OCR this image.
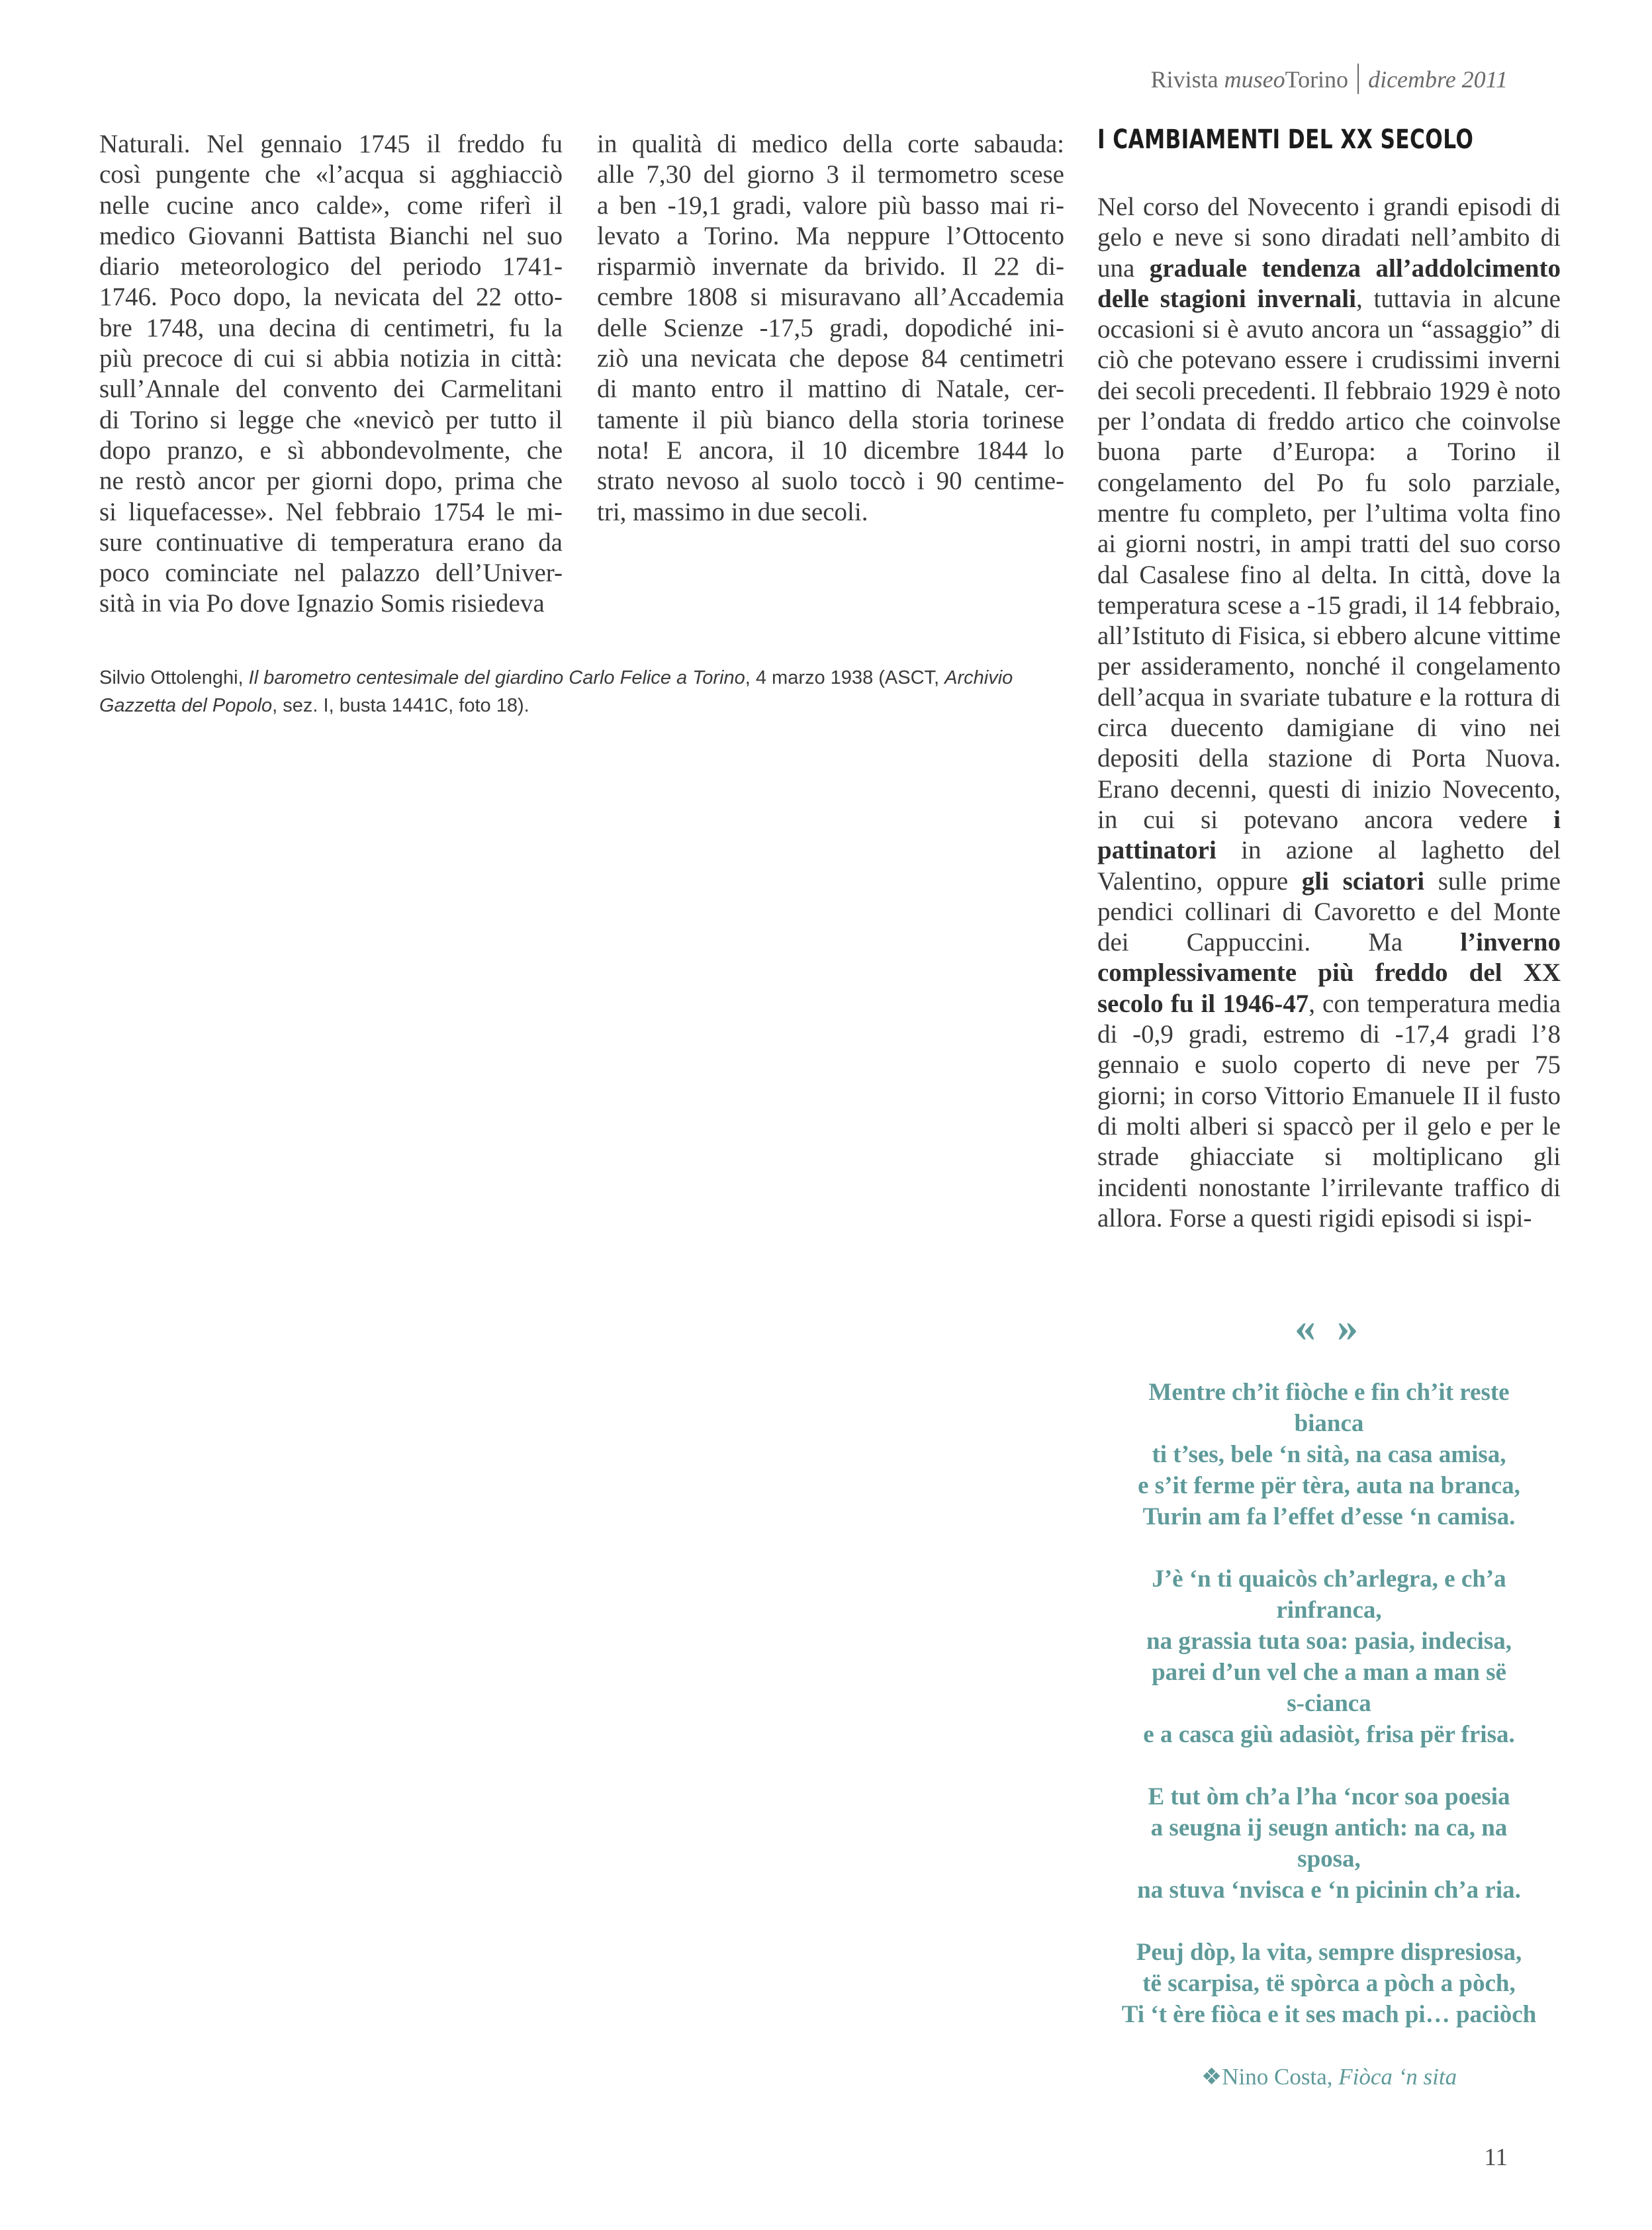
Rivista museoTorino dicembre 2011
Naturali. Nel gennaio 1745 il freddo fu
così pungente che «l’acqua si agghiacciò
nelle cucine anco calde», come riferì il
medico Giovanni Battista Bianchi nel suo
diario meteorologico del periodo 1741-
1746. Poco dopo, la nevicata del 22 otto-
bre 1748, una decina di centimetri, fu la
più precoce di cui si abbia notizia in città:
sull’Annale del convento dei Carmelitani
di Torino si legge che «nevicò per tutto il
dopo pranzo, e sì abbondevolmente, che
ne restò ancor per giorni dopo, prima che
si liquefacesse». Nel febbraio 1754 le mi-
sure continuative di temperatura erano da
poco cominciate nel palazzo dell’Univer-
sità in via Po dove Ignazio Somis risiedeva
in qualità di medico della corte sabauda:
alle 7,30 del giorno 3 il termometro scese
a ben -19,1 gradi, valore più basso mai ri-
levato a Torino. Ma neppure l’Ottocento
risparmiò invernate da brivido. Il 22 di-
cembre 1808 si misuravano all’Accademia
delle Scienze -17,5 gradi, dopodiché ini-
ziò una nevicata che depose 84 centimetri
di manto entro il mattino di Natale, cer-
tamente il più bianco della storia torinese
nota! E ancora, il 10 dicembre 1844 lo
strato nevoso al suolo toccò i 90 centime-
tri, massimo in due secoli.
Silvio Ottolenghi, Il barometro centesimale del giardino Carlo Felice a Torino, 4 marzo 1938 (ASCT, Archivio Gazzetta del Popolo, sez. I, busta 1441C, foto 18).
I CAMBIAMENTI DEL XX SECOLO

Nel corso del Novecento i grandi episodi di gelo e neve si sono diradati nell’ambito di una graduale tendenza all’addolcimento delle stagioni invernali, tuttavia in alcune occasioni si è avuto ancora un “assaggio” di ciò che potevano essere i crudissimi inverni dei secoli precedenti. Il febbraio 1929 è noto per l’ondata di freddo artico che coinvolse buona parte d’Europa: a Torino il congelamento del Po fu solo parziale, mentre fu completo, per l’ultima volta fino ai giorni nostri, in ampi tratti del suo corso dal Casalese fino al delta. In città, dove la temperatura scese a -15 gradi, il 14 febbraio, all’Istituto di Fisica, si ebbero alcune vittime per assideramento, nonché il congelamento dell’acqua in svariate tubature e la rottura di circa duecento damigiane di vino nei depositi della stazione di Porta Nuova. Erano decenni, questi di inizio Novecento, in cui si potevano ancora vedere i pattinatori in azione al laghetto del Valentino, oppure gli sciatori sulle prime pendici collinari di Cavoretto e del Monte dei Cappuccini. Ma l’inverno complessivamente più freddo del XX secolo fu il 1946-47, con temperatura media di -0,9 gradi, estremo di -17,4 gradi l’8 gennaio e suolo coperto di neve per 75 giorni; in corso Vittorio Emanuele II il fusto di molti alberi si spaccò per il gelo e per le strade ghiacciate si moltiplicano gli incidenti nonostante l’irrilevante traffico di allora. Forse a questi rigidi episodi si ispi-

« »
Mentre ch’it fiòche e fin ch’it reste
bianca
ti t’ses, bele ‘n sità, na casa amisa,
e s’it ferme për tèra, auta na branca,
Turin am fa l’effet d’esse ‘n camisa.
J’è ‘n ti quaicòs ch’arlegra, e ch’a
rinfranca,
na grassia tuta soa: pasia, indecisa,
parei d’un vel che a man a man së
s-cianca
e a casca giù adasiòt, frisa për frisa.
E tut òm ch’a l’ha ‘ncor soa poesia
a seugna ij seugn antich: na ca, na
sposa,
na stuva ‘nvisca e ‘n picinin ch’a ria.
Peuj dòp, la vita, sempre dispresiosa,
të scarpisa, të spòrca a pòch a pòch,
Ti ‘t ère fiòca e it ses mach pi… paciòch
❖Nino Costa, Fiòca ‘n sita
11
